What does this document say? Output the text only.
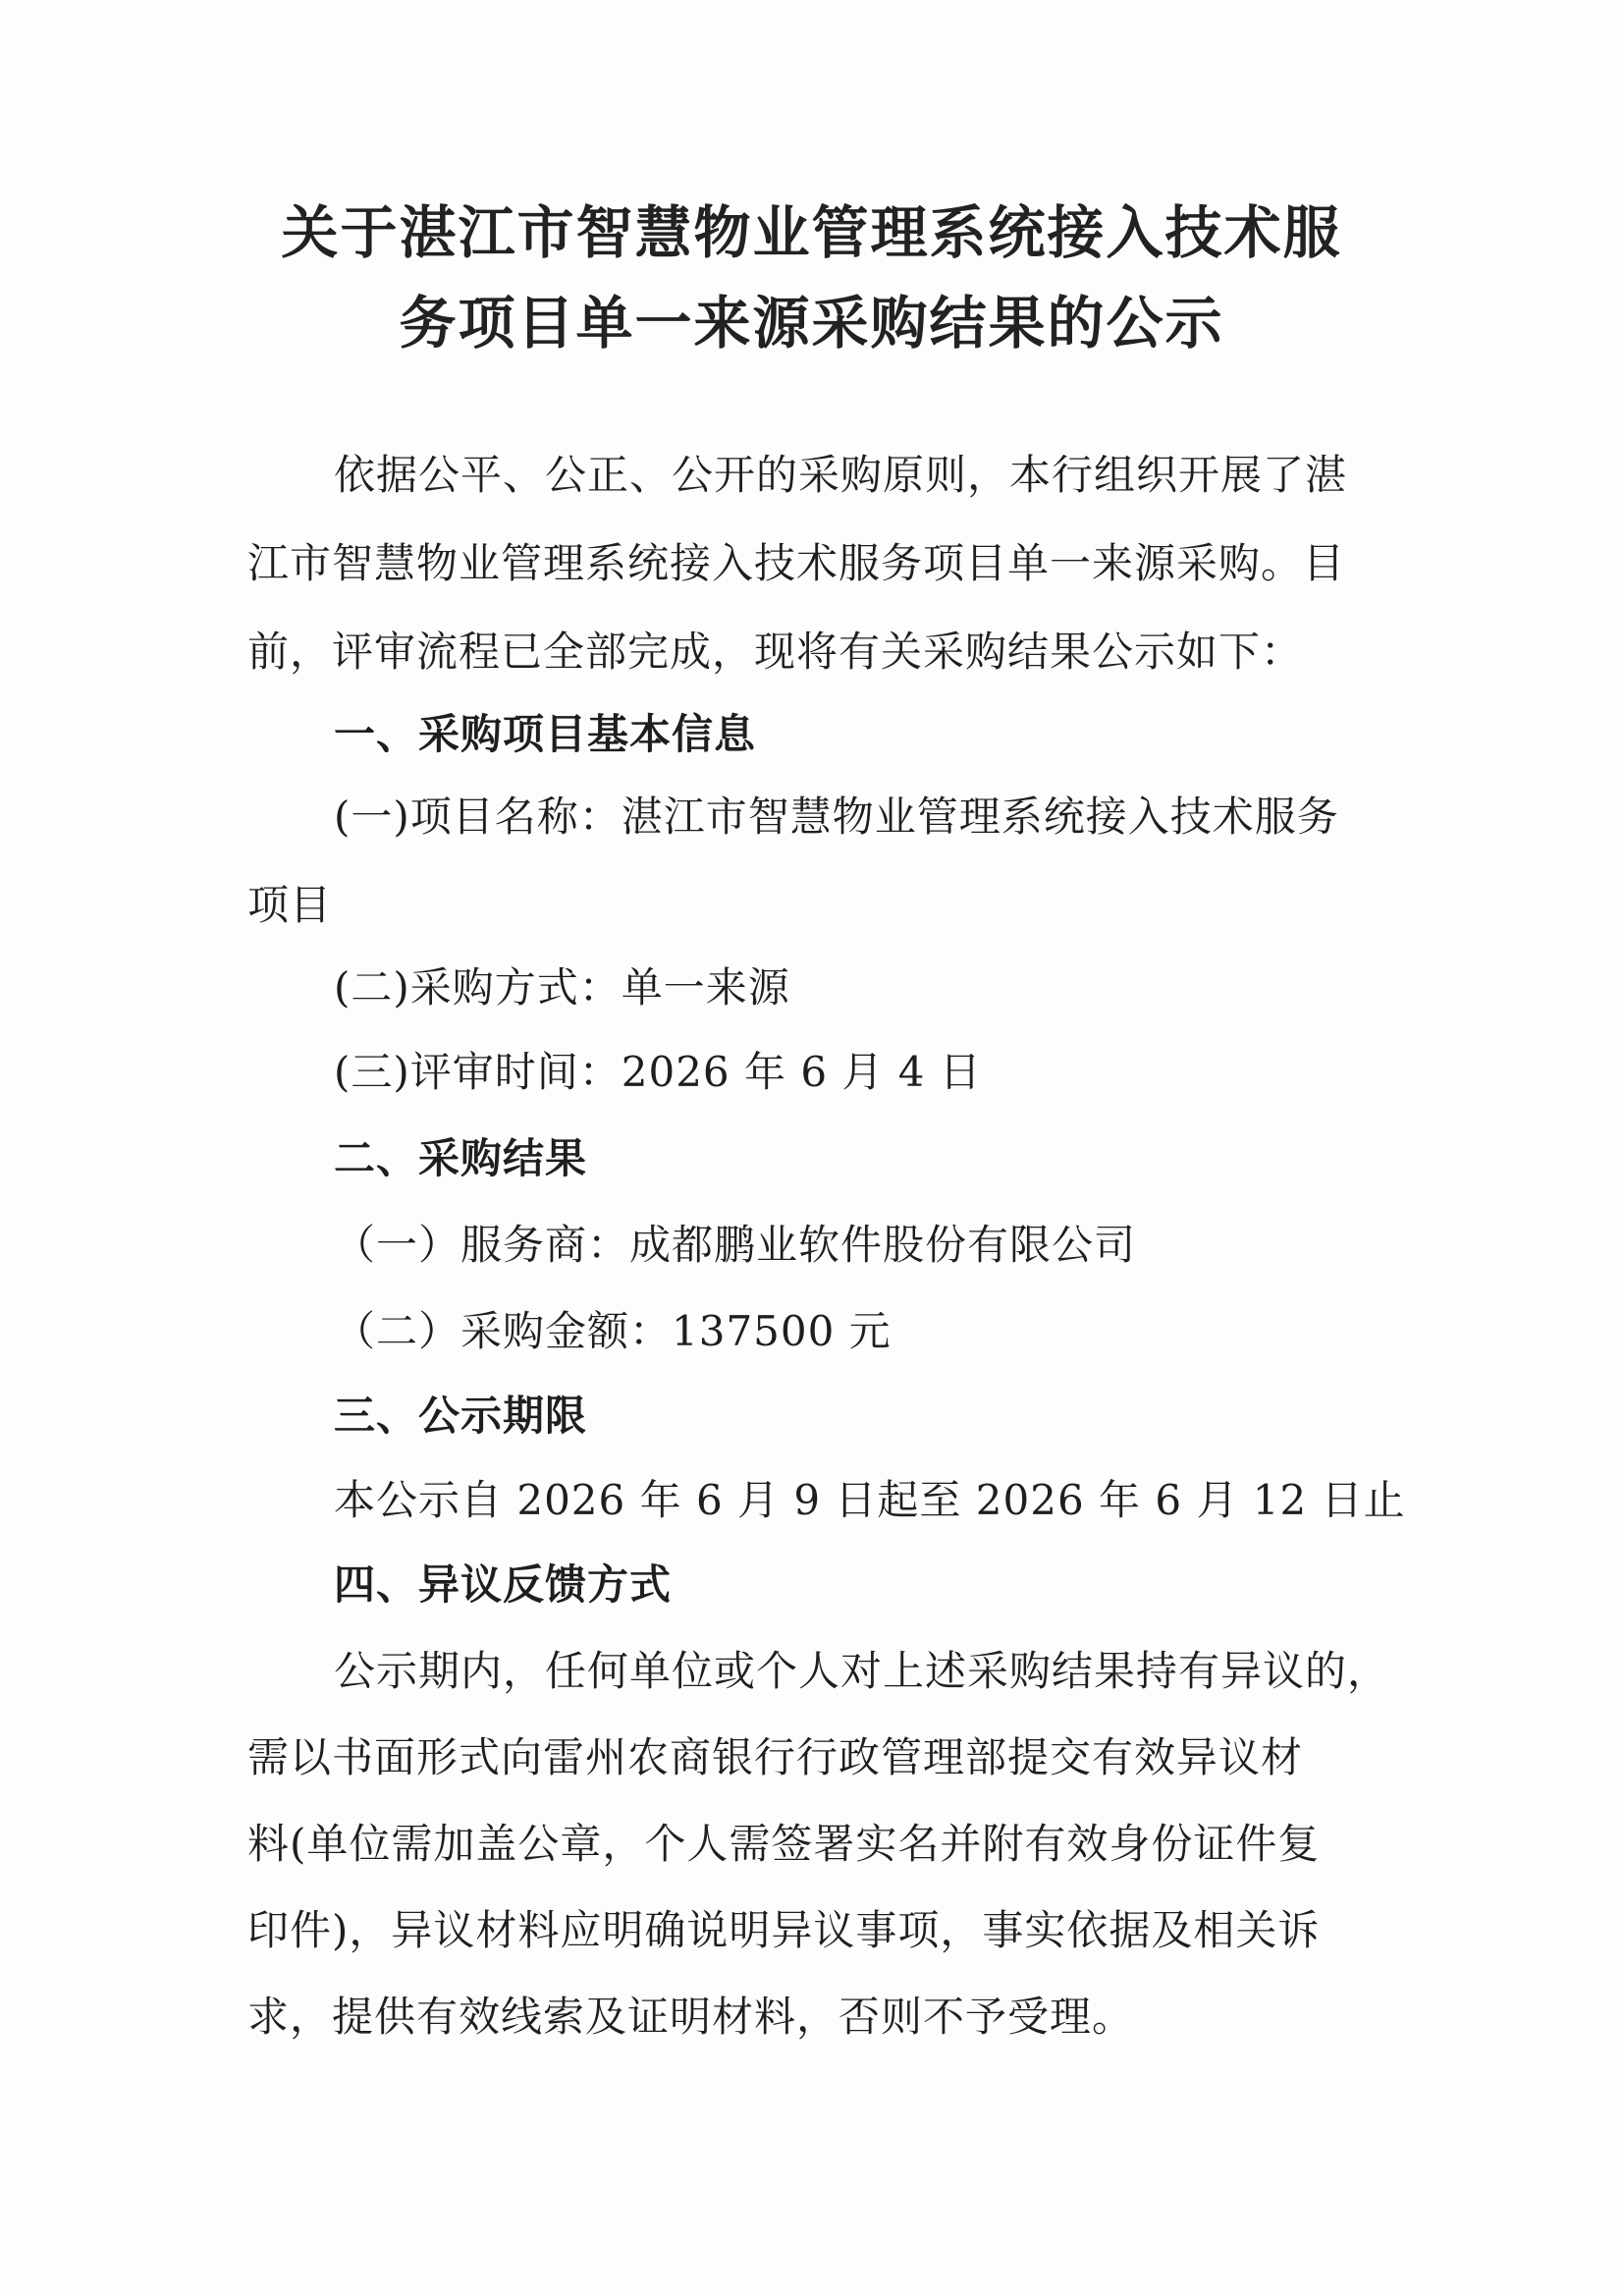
关于湛江市智慧物业管理系统接入技术服
务项目单一来源采购结果的公示
依据公平、公正、公开的采购原则，本行组织开展了湛
江市智慧物业管理系统接入技术服务项目单一来源采购。目
前，评审流程已全部完成，现将有关采购结果公示如下：
一、采购项目基本信息
(一)项目名称：湛江市智慧物业管理系统接入技术服务
项目
(二)采购方式：单一来源
(三)评审时间：2026 年 6 月 4 日
二、采购结果
（一）服务商：成都鹏业软件股份有限公司
（二）采购金额：137500 元
三、公示期限
本公示自 2026 年 6 月 9 日起至 2026 年 6 月 12 日止
四、异议反馈方式
公示期内，任何单位或个人对上述采购结果持有异议的，
需以书面形式向雷州农商银行行政管理部提交有效异议材
料(单位需加盖公章，个人需签署实名并附有效身份证件复
印件)，异议材料应明确说明异议事项，事实依据及相关诉
求，提供有效线索及证明材料，否则不予受理。
